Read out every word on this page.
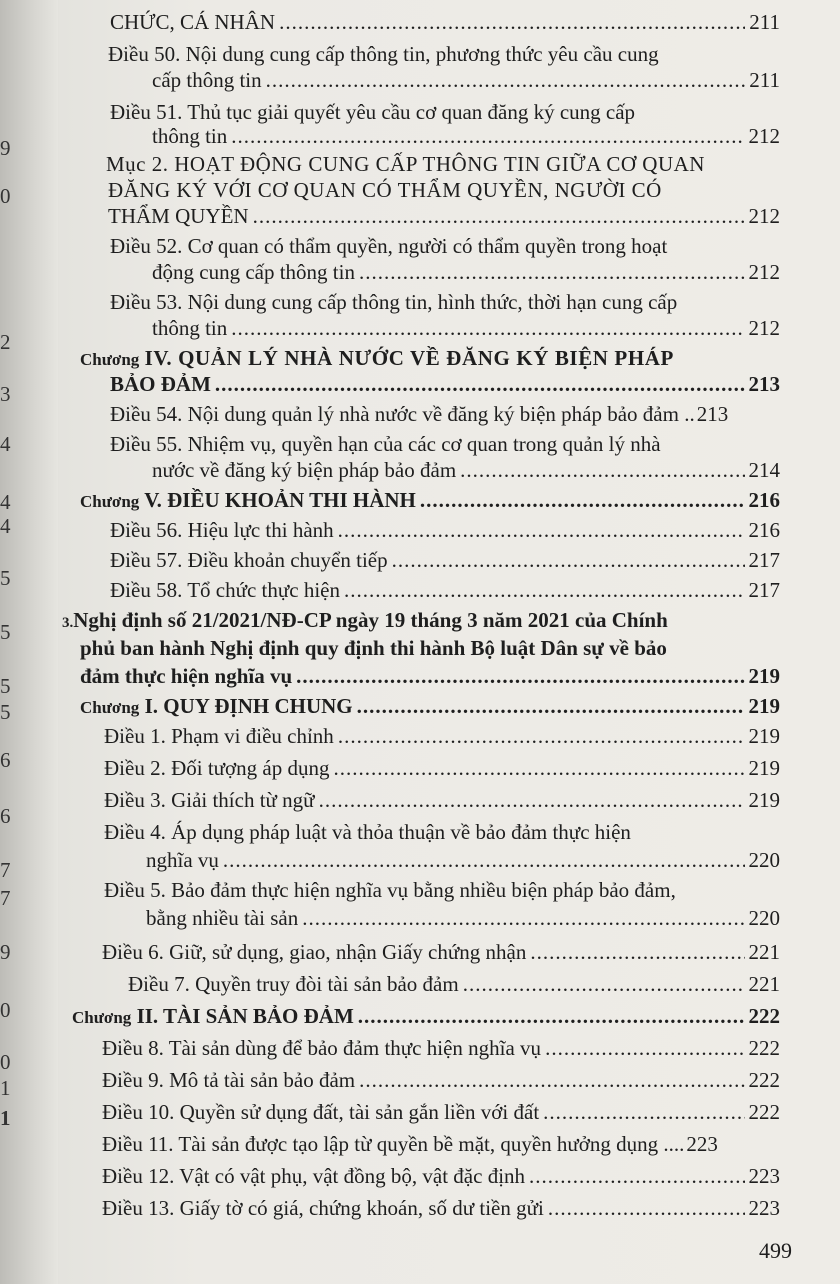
9
0
2
3
4
4
4
5
5
5
5
6
6
7
7
9
0
0
1
1
CHỨC, CÁ NHÂN .....	211
Điều 50. Nội dung cung cấp thông tin, phương thức yêu cầu cung
cấp thông tin .....	211
Điều 51. Thủ tục giải quyết yêu cầu cơ quan đăng ký cung cấp
thông tin .....	212
Mục 2. HOẠT ĐỘNG CUNG CẤP THÔNG TIN GIỮA CƠ QUAN
ĐĂNG KÝ VỚI CƠ QUAN CÓ THẨM QUYỀN, NGƯỜI CÓ
THẨM QUYỀN .....	212
Điều 52. Cơ quan có thẩm quyền, người có thẩm quyền trong hoạt
động cung cấp thông tin .....	212
Điều 53. Nội dung cung cấp thông tin, hình thức, thời hạn cung cấp
thông tin .....	212
Chương IV. QUẢN LÝ NHÀ NƯỚC VỀ ĐĂNG KÝ BIỆN PHÁP
BẢO ĐẢM .....	213
Điều 54. Nội dung quản lý nhà nước về đăng ký biện pháp bảo đảm .. 213
Điều 55. Nhiệm vụ, quyền hạn của các cơ quan trong quản lý nhà
nước về đăng ký biện pháp bảo đảm .....	214
Chương V. ĐIỀU KHOẢN THI HÀNH .....	216
Điều 56. Hiệu lực thi hành .....	216
Điều 57. Điều khoản chuyển tiếp .....	217
Điều 58. Tổ chức thực hiện .....	217
3.Nghị định số 21/2021/NĐ-CP ngày 19 tháng 3 năm 2021 của Chính
phủ ban hành Nghị định quy định thi hành Bộ luật Dân sự về bảo
đảm thực hiện nghĩa vụ .....	219
Chương I. QUY ĐỊNH CHUNG .....	219
Điều 1. Phạm vi điều chỉnh .....	219
Điều 2. Đối tượng áp dụng .....	219
Điều 3. Giải thích từ ngữ .....	219
Điều 4. Áp dụng pháp luật và thỏa thuận về bảo đảm thực hiện
nghĩa vụ .....	220
Điều 5. Bảo đảm thực hiện nghĩa vụ bằng nhiều biện pháp bảo đảm,
bằng nhiều tài sản .....	220
Điều 6. Giữ, sử dụng, giao, nhận Giấy chứng nhận .....	221
Điều 7. Quyền truy đòi tài sản bảo đảm .....	221
Chương II. TÀI SẢN BẢO ĐẢM .....	222
Điều 8. Tài sản dùng để bảo đảm thực hiện nghĩa vụ .....	222
Điều 9. Mô tả tài sản bảo đảm .....	222
Điều 10. Quyền sử dụng đất, tài sản gắn liền với đất .....	222
Điều 11. Tài sản được tạo lập từ quyền bề mặt, quyền hưởng dụng .... 223
Điều 12. Vật có vật phụ, vật đồng bộ, vật đặc định .....	223
Điều 13. Giấy tờ có giá, chứng khoán, số dư tiền gửi .....	223
499
